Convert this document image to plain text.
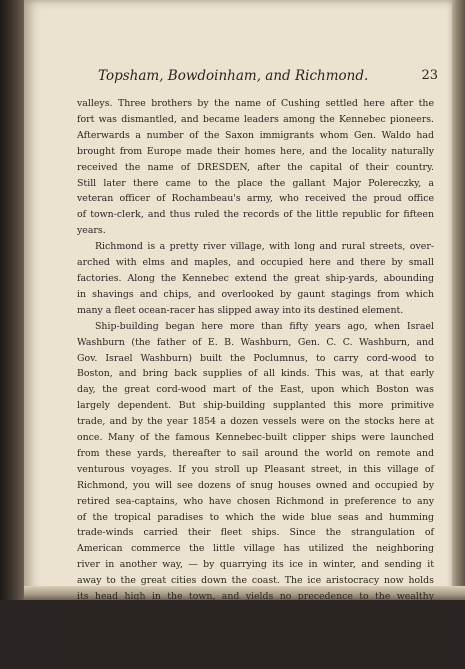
Topsham, Bowdoinham, and Richmond.	23
valleys. Three brothers by the name of Cushing settled here after the
fort was dismantled, and became leaders among the Kennebec pioneers.
Afterwards a number of the Saxon immigrants whom Gen. Waldo had
brought from Europe made their homes here, and the locality naturally
received the name of DRESDEN, after the capital of their country.
Still later there came to the place the gallant Major Polereczky, a
veteran officer of Rochambeau's army, who received the proud office
of town-clerk, and thus ruled the records of the little republic for fifteen
years.
Richmond is a pretty river village, with long and rural streets, over-
arched with elms and maples, and occupied here and there by small
factories. Along the Kennebec extend the great ship-yards, abounding
in shavings and chips, and overlooked by gaunt stagings from which
many a fleet ocean-racer has slipped away into its destined element.
Ship-building began here more than fifty years ago, when Israel
Washburn (the father of E. B. Washburn, Gen. C. C. Washburn, and
Gov. Israel Washburn) built the Poclumnus, to carry cord-wood to
Boston, and bring back supplies of all kinds. This was, at that early
day, the great cord-wood mart of the East, upon which Boston was
largely dependent. But ship-building supplanted this more primitive
trade, and by the year 1854 a dozen vessels were on the stocks here at
once. Many of the famous Kennebec-built clipper ships were launched
from these yards, thereafter to sail around the world on remote and
venturous voyages. If you stroll up Pleasant street, in this village of
Richmond, you will see dozens of snug houses owned and occupied by
retired sea-captains, who have chosen Richmond in preference to any
of the tropical paradises to which the wide blue seas and humming
trade-winds carried their fleet ships. Since the strangulation of
American commerce the little village has utilized the neighboring
river in another way, — by quarrying its ice in winter, and sending it
away to the great cities down the coast. The ice aristocracy now holds
its head high in the town, and yields no precedence to the wealthy
shoe-manufacturers, whose factories find welcome work for hundreds of
people. In summer, when the three local hotels and the various village
boarding-houses are fairly occupied by visitors from the cities, many a
cheery excursion starts out from the embowered streets, riding a league
